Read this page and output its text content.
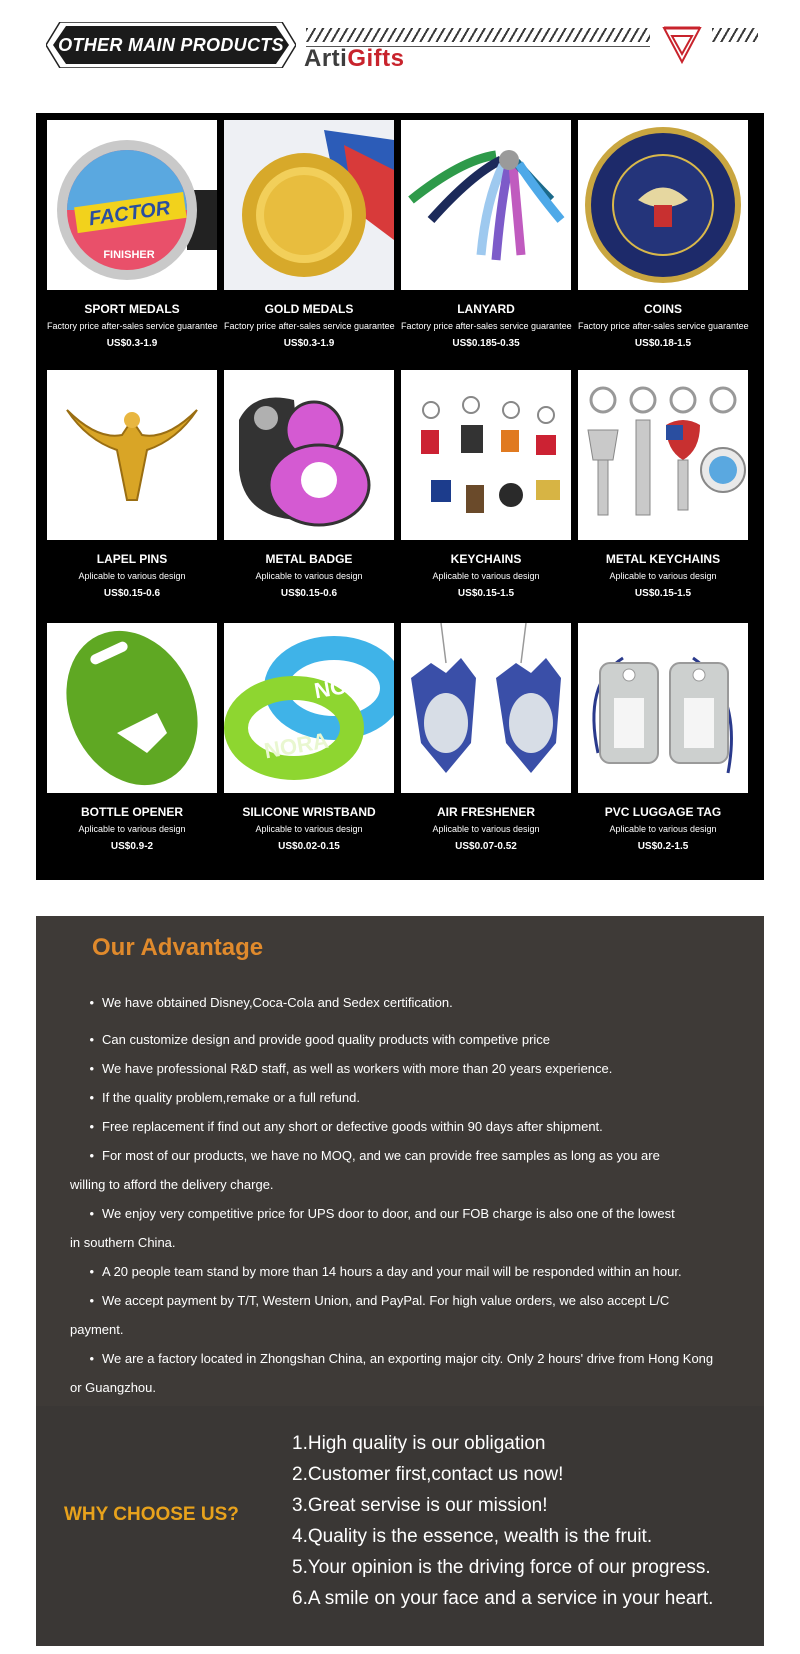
OTHER MAIN PRODUCTS ArtiGifts
FACTOR
FINISHER
SPORT MEDALS
Factory price after-sales service guarantee
US$0.3-1.9
GOLD MEDALS
Factory price after-sales service guarantee
US$0.3-1.9
LANYARD
Factory price after-sales service guarantee
US$0.185-0.35
COINS
Factory price after-sales service guarantee
US$0.18-1.5
LAPEL PINS
Aplicable to various design
US$0.15-0.6
METAL BADGE
Aplicable to various design
US$0.15-0.6
KEYCHAINS
Aplicable to various design
US$0.15-1.5
METAL KEYCHAINS
Aplicable to various design
US$0.15-1.5
BOTTLE OPENER
Aplicable to various design
US$0.9-2
NORA
NORA
SILICONE WRISTBAND
Aplicable to various design
US$0.02-0.15
AIR FRESHENER
Aplicable to various design
US$0.07-0.52
PVC LUGGAGE TAG
Aplicable to various design
US$0.2-1.5
Our Advantage
• We have obtained Disney,Coca-Cola and Sedex certification.
• Can customize design and provide good quality products with competive price
• We have professional R&D staff, as well as workers with more than 20 years experience.
• If the quality problem,remake or a full refund.
• Free replacement if find out any short or defective goods within 90 days after shipment.
• For most of our products, we have no MOQ, and we can provide free samples as long as you are
willing to afford the delivery charge.
• We enjoy very competitive price for UPS door to door, and our FOB charge is also one of the lowest
in southern China.
• A 20 people team stand by more than 14 hours a day and your mail will be responded within an hour.
• We accept payment by T/T, Western Union, and PayPal. For high value orders, we also accept L/C
payment.
• We are a factory located in Zhongshan China, an exporting major city. Only 2 hours' drive from Hong Kong
or Guangzhou.
WHY CHOOSE US?
1.High quality is our obligation
2.Customer first,contact us now!
3.Great servise is our mission!
4.Quality is the essence, wealth is the fruit.
5.Your opinion is the driving force of our progress.
6.A smile on your face and a service in your heart.
